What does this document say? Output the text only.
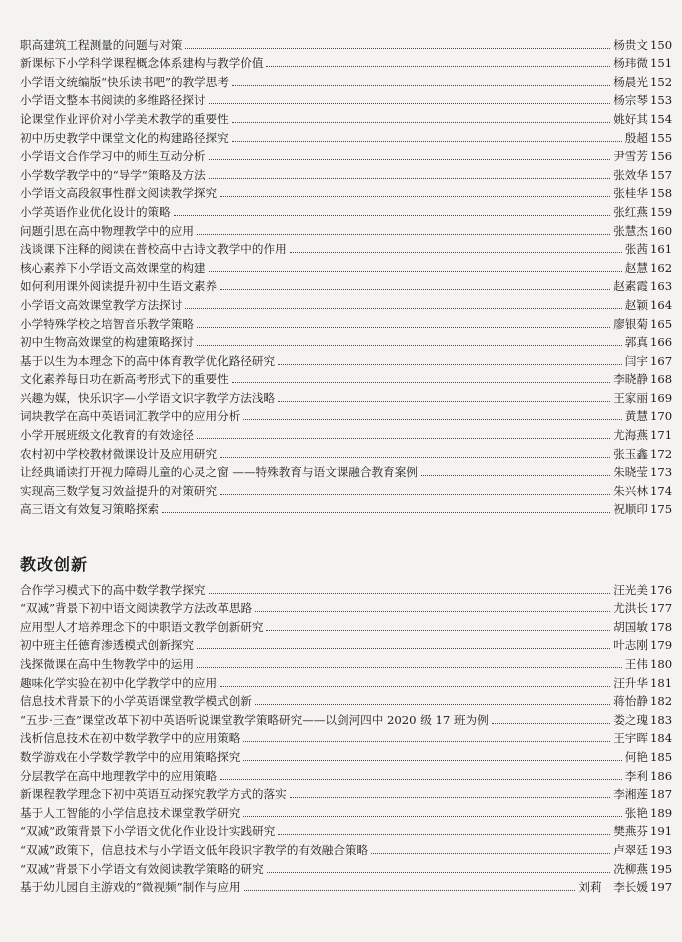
职高建筑工程测量的问题与对策	杨贵文 150
新课标下小学科学课程概念体系建构与教学价值	杨玮微 151
小学语文统编版“快乐读书吧”的教学思考	杨晨光 152
小学语文整本书阅读的多维路径探讨	杨宗琴 153
论课堂作业评价对小学美术教学的重要性	姚好其 154
初中历史教学中课堂文化的构建路径探究	殷超 155
小学语文合作学习中的师生互动分析	尹雪芳 156
小学数学教学中的“导学”策略及方法	张效华 157
小学语文高段叙事性群文阅读教学探究	张桂华 158
小学英语作业优化设计的策略	张红燕 159
问题引思在高中物理教学中的应用	张慧杰 160
浅谈课下注释的阅读在普校高中古诗文教学中的作用	张茜 161
核心素养下小学语文高效课堂的构建	赵慧 162
如何利用课外阅读提升初中生语文素养	赵素霞 163
小学语文高效课堂教学方法探讨	赵颖 164
小学特殊学校之培智音乐教学策略	廖银菊 165
初中生物高效课堂的构建策略探讨	郭真 166
基于以生为本理念下的高中体育教学优化路径研究	闫宇 167
文化素养每日功在新高考形式下的重要性	李晓静 168
兴趣为媒，快乐识字—小学语文识字教学方法浅略	王家丽 169
词块教学在高中英语词汇教学中的应用分析	黄慧 170
小学开展班级文化教育的有效途径	尤海燕 171
农村初中学校教材微课设计及应用研究	张玉鑫 172
让经典诵读打开视力障碍儿童的心灵之窗 ——特殊教育与语文课融合教育案例	朱晓莹 173
实现高三数学复习效益提升的对策研究	朱兴林 174
高三语文有效复习策略探索	祝顺印 175
教改创新
合作学习模式下的高中数学教学探究	汪光美 176
“双减”背景下初中语文阅读教学方法改革思路	尤洪长 177
应用型人才培养理念下的中职语文教学创新研究	胡国敏 178
初中班主任德育渗透模式创新探究	叶志刚 179
浅探微课在高中生物教学中的运用	王伟 180
趣味化学实验在初中化学教学中的应用	汪升华 181
信息技术背景下的小学英语课堂教学模式创新	蒋怡静 182
“五步·三查”课堂改革下初中英语听说课堂教学策略研究——以剑河四中 2020 级 17 班为例	娄之瑰 183
浅析信息技术在初中数学教学中的应用策略	王宇晖 184
数学游戏在小学数学教学中的应用策略探究	何艳 185
分层教学在高中地理教学中的应用策略	李利 186
新课程教学理念下初中英语互动探究教学方式的落实	李湘莲 187
基于人工智能的小学信息技术课堂教学研究	张艳 189
“双减”政策背景下小学语文优化作业设计实践研究	樊燕芬 191
“双减”政策下，信息技术与小学语文低年段识字教学的有效融合策略	卢翠廷 193
“双减”背景下小学语文有效阅读教学策略的研究	冼柳燕 195
基于幼儿园自主游戏的“微视频”制作与应用	刘莉　李长媛 197
